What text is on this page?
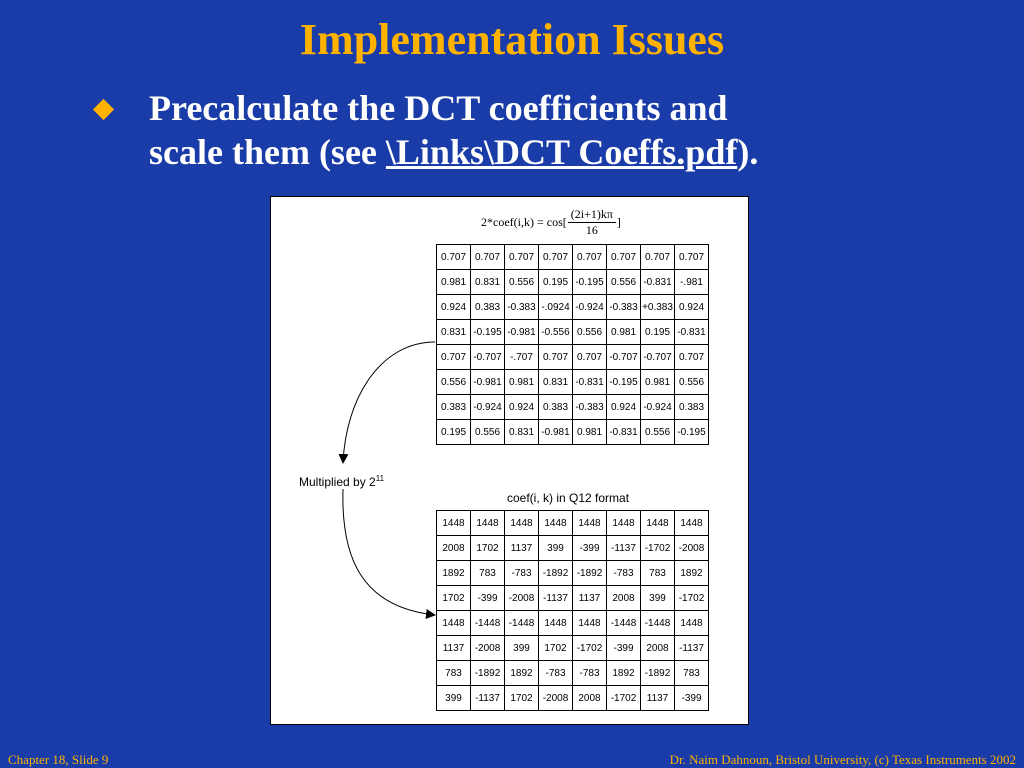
Implementation Issues
Precalculate the DCT coefficients and
scale them (see \Links\DCT Coeffs.pdf).
2*coef(i,k) = $\cos[ \frac{(2i+1)k\pi}{16}$ ]
0.707	0.707	0.707	0.707	0.707	0.707	0.707	0.707
0.981	0.831	0.556	0.195	-0.195	0.556	-0.831	-.981
0.924	0.383	-0.383	-.0924	-0.924	-0.383	+0.383	0.924
0.831	-0.195	-0.981	-0.556	0.556	0.981	0.195	-0.831
0.707	-0.707	-.707	0.707	0.707	-0.707	-0.707	0.707
0.556	-0.981	0.981	0.831	-0.831	-0.195	0.981	0.556
0.383	-0.924	0.924	0.383	-0.383	0.924	-0.924	0.383
0.195	0.556	0.831	-0.981	0.981	-0.831	0.556	-0.195
Multiplied by $2^{11}$
coef(i, k) in Q12 format
1448	1448	1448	1448	1448	1448	1448	1448
2008	1702	1137	399	-399	-1137	-1702	-2008
1892	783	-783	-1892	-1892	-783	783	1892
1702	-399	-2008	-1137	1137	2008	399	-1702
1448	-1448	-1448	1448	1448	-1448	-1448	1448
1137	-2008	399	1702	-1702	-399	2008	-1137
783	-1892	1892	-783	-783	1892	-1892	783
399	-1137	1702	-2008	2008	-1702	1137	-399
Chapter 18, Slide 9	Dr. Naim Dahnoun, Bristol University, (c) Texas Instruments 2002
